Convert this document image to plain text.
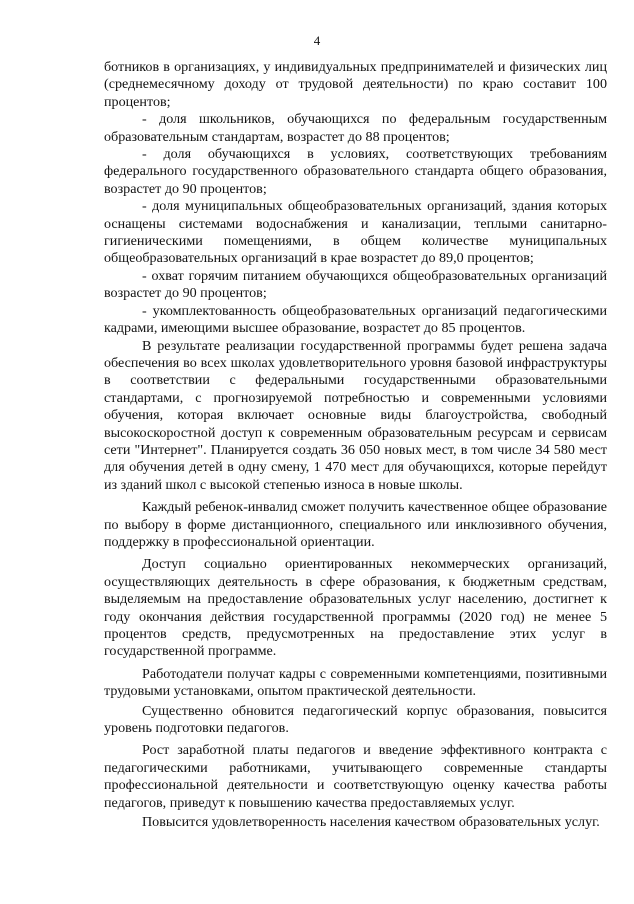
4

ботников в организациях, у индивидуальных предпринимателей и физических лиц (среднемесячному доходу от трудовой деятельности) по краю составит 100 процентов;

- доля школьников, обучающихся по федеральным государственным образовательным стандартам, возрастет до 88 процентов;

- доля обучающихся в условиях, соответствующих требованиям федерального государственного образовательного стандарта общего образования, возрастет до 90 процентов;

- доля муниципальных общеобразовательных организаций, здания которых оснащены системами водоснабжения и канализации, теплыми санитарно-гигиеническими помещениями, в общем количестве муниципальных общеобразовательных организаций в крае возрастет до 89,0 процентов;

- охват горячим питанием обучающихся общеобразовательных организаций возрастет до 90 процентов;

- укомплектованность общеобразовательных организаций педагогическими кадрами, имеющими высшее образование, возрастет до 85 процентов.

В результате реализации государственной программы будет решена задача обеспечения во всех школах удовлетворительного уровня базовой инфраструктуры в соответствии с федеральными государственными образовательными стандартами, с прогнозируемой потребностью и современными условиями обучения, которая включает основные виды благоустройства, свободный высокоскоростной доступ к современным образовательным ресурсам и сервисам сети "Интернет". Планируется создать 36 050 новых мест, в том числе 34 580 мест для обучения детей в одну смену, 1 470 мест для обучающихся, которые перейдут из зданий школ с высокой степенью износа в новые школы.

Каждый ребенок-инвалид сможет получить качественное общее образование по выбору в форме дистанционного, специального или инклюзивного обучения, поддержку в профессиональной ориентации.

Доступ социально ориентированных некоммерческих организаций, осуществляющих деятельность в сфере образования, к бюджетным средствам, выделяемым на предоставление образовательных услуг населению, достигнет к году окончания действия государственной программы (2020 год) не менее 5 процентов средств, предусмотренных на предоставление этих услуг в государственной программе.

Работодатели получат кадры с современными компетенциями, позитивными трудовыми установками, опытом практической деятельности.

Существенно обновится педагогический корпус образования, повысится уровень подготовки педагогов.

Рост заработной платы педагогов и введение эффективного контракта с педагогическими работниками, учитывающего современные стандарты профессиональной деятельности и соответствующую оценку качества работы педагогов, приведут к повышению качества предоставляемых услуг.

Повысится удовлетворенность населения качеством образовательных услуг.
